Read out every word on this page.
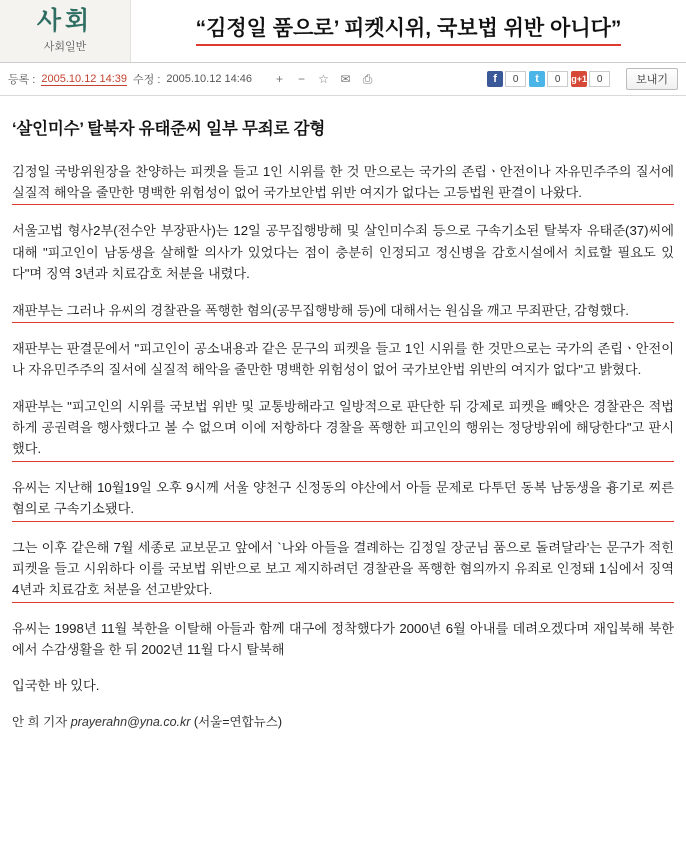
사회
사회일반
“김정일 품으로’ 피켓시위, 국보법 위반 아니다”
등록 : 2005.10.12 14:39 수정 : 2005.10.12 14:46	+	−	☆ ✉ ⎙	f	0	t	0	g+1 0	보내기
‘살인미수’ 탈북자 유태준씨 일부 무죄로 감형

김정일 국방위원장을 찬양하는 피켓을 들고 1인 시위를 한 것 만으로는 국가의 존립ㆍ안전이나 자유민주주의 질서에 실질적 해악을 줄만한 명백한 위험성이 없어 국가보안법 위반 여지가 없다는 고등법원 판결이 나왔다.

서울고법 형사2부(전수안 부장판사)는 12일 공무집행방해 및 살인미수죄 등으로 구속기소된 탈북자 유태준(37)씨에 대해 "피고인이 남동생을 살해할 의사가 있었다는 점이 충분히 인정되고 정신병을 감호시설에서 치료할 필요도 있다"며 징역 3년과 치료감호 처분을 내렸다.

재판부는 그러나 유씨의 경찰관을 폭행한 혐의(공무집행방해 등)에 대해서는 원심을 깨고 무죄판단, 감형했다.

재판부는 판결문에서 "피고인이 공소내용과 같은 문구의 피켓을 들고 1인 시위를 한 것만으로는 국가의 존립ㆍ안전이나 자유민주주의 질서에 실질적 해악을 줄만한 명백한 위험성이 없어 국가보안법 위반의 여지가 없다"고 밝혔다.

재판부는 "피고인의 시위를 국보법 위반 및 교통방해라고 일방적으로 판단한 뒤 강제로 피켓을 빼앗은 경찰관은 적법하게 공권력을 행사했다고 볼 수 없으며 이에 저항하다 경찰을 폭행한 피고인의 행위는 정당방위에 해당한다"고 판시했다.

유씨는 지난해 10월19일 오후 9시께 서울 양천구 신정동의 야산에서 아들 문제로 다투던 동복 남동생을 흉기로 찌른 혐의로 구속기소됐다.

그는 이후 같은해 7월 세종로 교보문고 앞에서 `나와 아들을 결례하는 김정일 장군님 품으로 돌려달라’는 문구가 적힌 피켓을 들고 시위하다 이를 국보법 위반으로 보고 제지하려던 경찰관을 폭행한 혐의까지 유죄로 인정돼 1심에서 징역 4년과 치료감호 처분을 선고받았다.

유씨는 1998년 11월 북한을 이탈해 아들과 함께 대구에 정착했다가 2000년 6월 아내를 데려오겠다며 재입북해 북한에서 수감생활을 한 뒤 2002년 11월 다시 탈북해

입국한 바 있다.

안 희 기자 prayerahn@yna.co.kr (서울=연합뉴스)
